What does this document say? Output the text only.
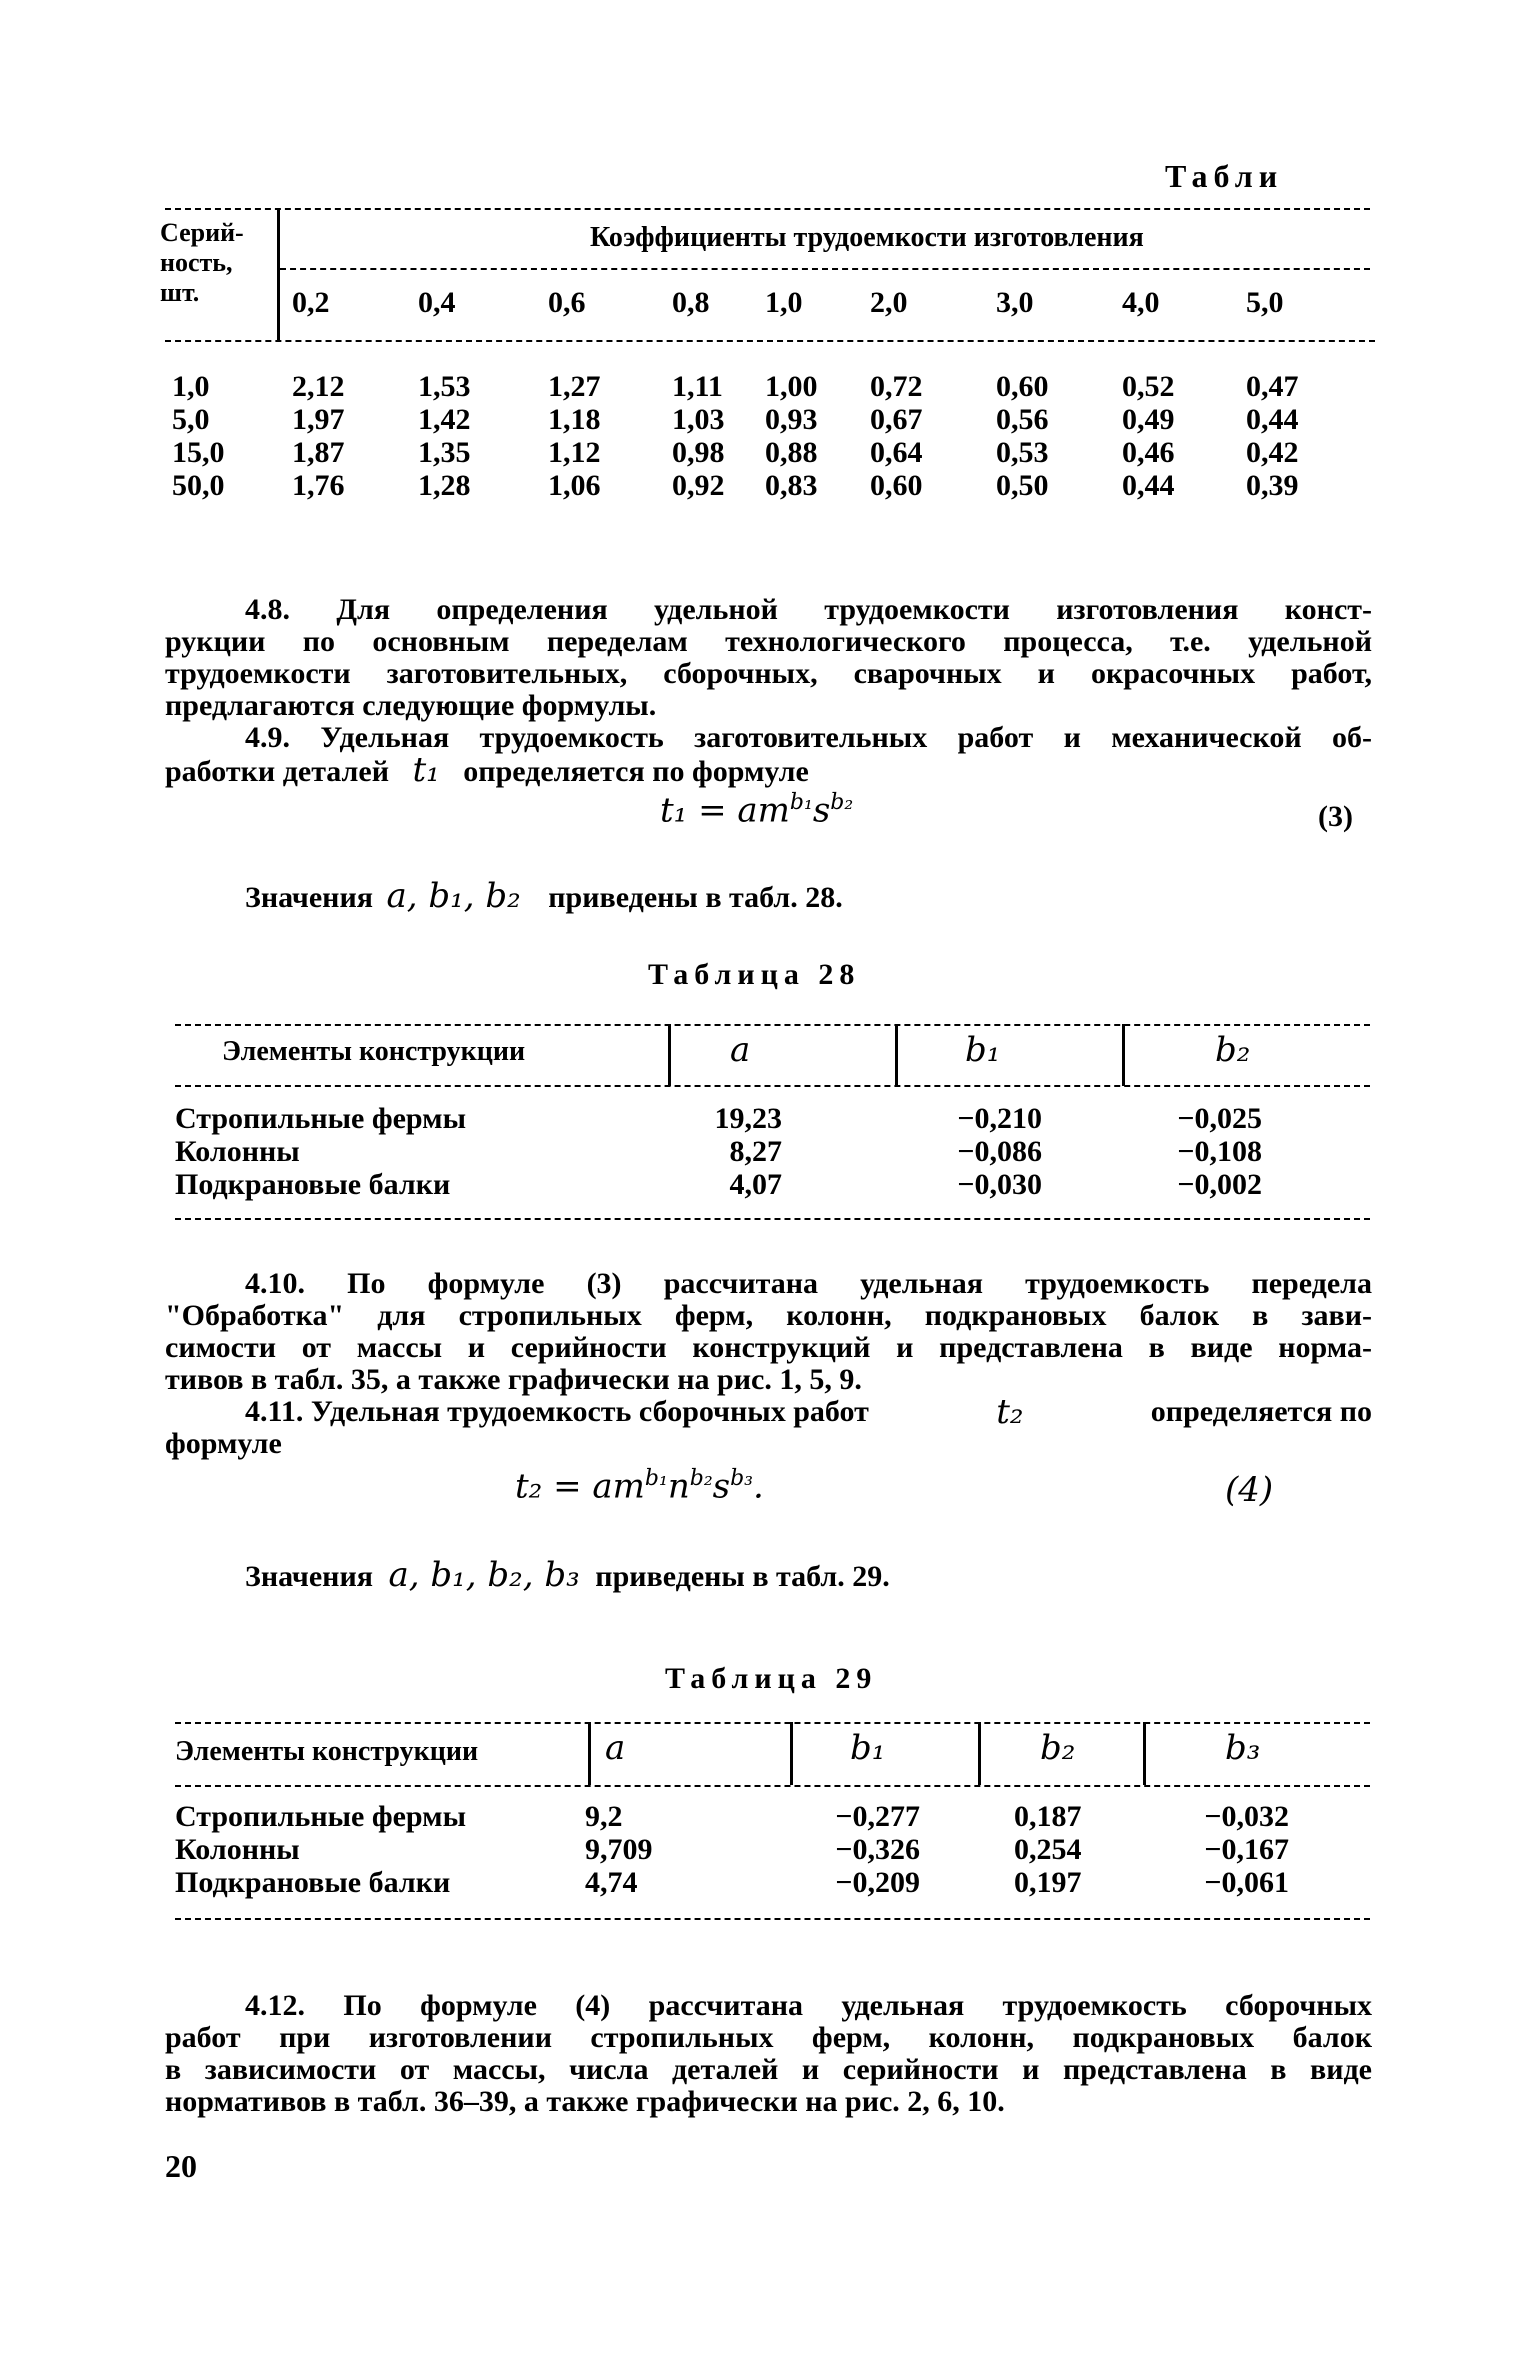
Табли
Серий-
ность,
шт.
Коэффициенты трудоемкости изготовления
0,2	0,4	0,6	0,8 1,0 2,0	3,0	4,0	5,0
1,0	2,12 1,53	1,27 1,11 1,00 0,72 0,60 0,52 0,47
5,0	1,97 1,42	1,18 1,03 0,93 0,67 0,56 0,49 0,44
15,0 1,87 1,35	1,12 0,98 0,88 0,64 0,53 0,46 0,42
50,0 1,76 1,28	1,06 0,92 0,83 0,60 0,50 0,44 0,39
4.8. Для определения удельной трудоемкости изготовления конст-
рукции по основным переделам технологического процесса, т.е. удельной
трудоемкости заготовительных, сборочных, сварочных и окрасочных работ,
предлагаются следующие формулы.
4.9. Удельная трудоемкость заготовительных работ и механической об-
работки деталей t₁ определяется по формуле
$t_1 = am^{b_1}s^{b_2}$	(3)
Значения a, b₁, b₂ приведены в табл. 28.
Таблица 28
Элементы конструкции	a	b₁	b₂
Стропильные фермы	19,23	−0,210	−0,025
Колонны	8,27	−0,086	−0,108
Подкрановые балки	4,07	−0,030	−0,002
4.10. По формуле (3) рассчитана удельная трудоемкость передела
"Обработка" для стропильных ферм, колонн, подкрановых балок в зави-
симости от массы и серийности конструкций и представлена в виде норма-
тивов в табл. 35, а также графически на рис. 1, 5, 9.
4.11. Удельная трудоемкость сборочных работ	t₂	определяется по
формуле
$t_2 = am^{b_1}n^{b_2}s^{b_3}$.	(4)
Значения a, b₁, b₂, b₃ приведены в табл. 29.
Таблица 29
Элементы конструкции	a	b₁	b₂	b₃
Стропильные фермы	9,2	−0,277	0,187	−0,032
Колонны	9,709	−0,326	0,254	−0,167
Подкрановые балки	4,74	−0,209	0,197	−0,061
4.12. По формуле (4) рассчитана удельная трудоемкость сборочных
работ при изготовлении стропильных ферм, колонн, подкрановых балок
в зависимости от массы, числа деталей и серийности и представлена в виде
нормативов в табл. 36–39, а также графически на рис. 2, 6, 10.
20
